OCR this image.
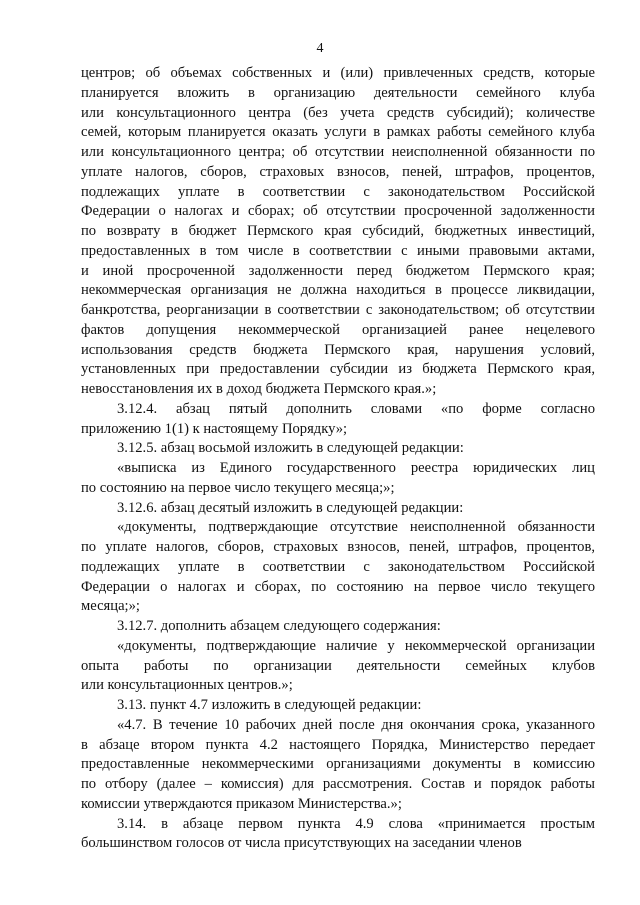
4
центров; об объемах собственных и (или) привлеченных средств, которые
планируется вложить в организацию деятельности семейного клуба
или консультационного центра (без учета средств субсидий); количестве
семей, которым планируется оказать услуги в рамках работы семейного клуба
или консультационного центра; об отсутствии неисполненной обязанности по
уплате налогов, сборов, страховых взносов, пеней, штрафов, процентов,
подлежащих уплате в соответствии с законодательством Российской
Федерации о налогах и сборах; об отсутствии просроченной задолженности
по возврату в бюджет Пермского края субсидий, бюджетных инвестиций,
предоставленных в том числе в соответствии с иными правовыми актами,
и иной просроченной задолженности перед бюджетом Пермского края;
некоммерческая организация не должна находиться в процессе ликвидации,
банкротства, реорганизации в соответствии с законодательством; об отсутствии
фактов допущения некоммерческой организацией ранее нецелевого
использования средств бюджета Пермского края, нарушения условий,
установленных при предоставлении субсидии из бюджета Пермского края,
невосстановления их в доход бюджета Пермского края.»;
3.12.4. абзац пятый дополнить словами «по форме согласно
приложению 1(1) к настоящему Порядку»;
3.12.5. абзац восьмой изложить в следующей редакции:
«выписка из Единого государственного реестра юридических лиц
по состоянию на первое число текущего месяца;»;
3.12.6. абзац десятый изложить в следующей редакции:
«документы, подтверждающие отсутствие неисполненной обязанности
по уплате налогов, сборов, страховых взносов, пеней, штрафов, процентов,
подлежащих уплате в соответствии с законодательством Российской
Федерации о налогах и сборах, по состоянию на первое число текущего
месяца;»;
3.12.7. дополнить абзацем следующего содержания:
«документы, подтверждающие наличие у некоммерческой организации
опыта работы по организации деятельности семейных клубов
или консультационных центров.»;
3.13. пункт 4.7 изложить в следующей редакции:
«4.7. В течение 10 рабочих дней после дня окончания срока, указанного
в абзаце втором пункта 4.2 настоящего Порядка, Министерство передает
предоставленные некоммерческими организациями документы в комиссию
по отбору (далее – комиссия) для рассмотрения. Состав и порядок работы
комиссии утверждаются приказом Министерства.»;
3.14. в абзаце первом пункта 4.9 слова «принимается простым
большинством голосов от числа присутствующих на заседании членов
